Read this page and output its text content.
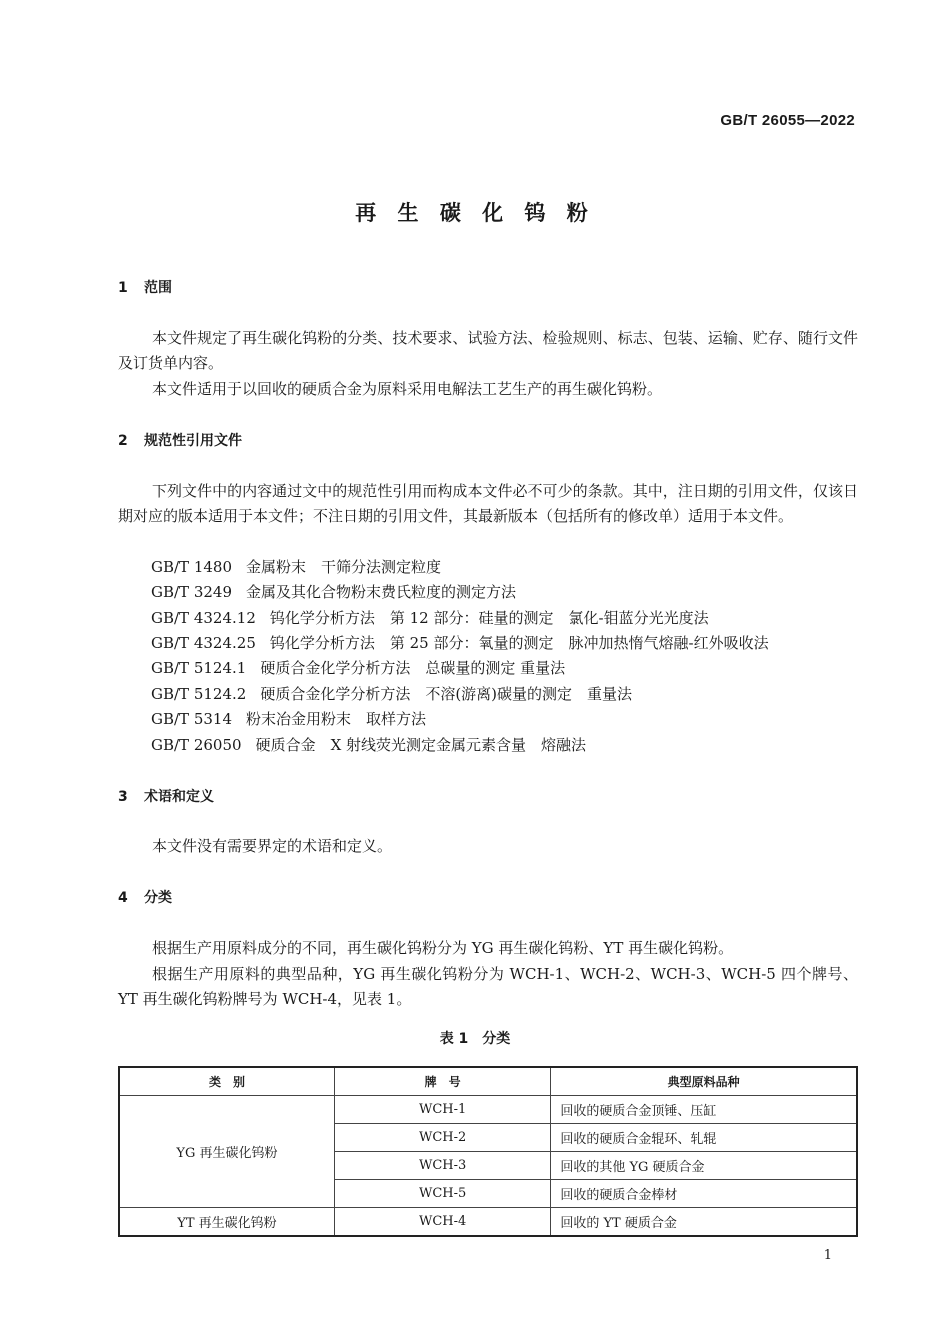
GB/T 26055—2022
再 生 碳 化 钨 粉
1 范围
本文件规定了再生碳化钨粉的分类、技术要求、试验方法、检验规则、标志、包装、运输、贮存、随行文件及订货单内容。
本文件适用于以回收的硬质合金为原料采用电解法工艺生产的再生碳化钨粉。
2 规范性引用文件
下列文件中的内容通过文中的规范性引用而构成本文件必不可少的条款。其中，注日期的引用文件，仅该日期对应的版本适用于本文件；不注日期的引用文件，其最新版本（包括所有的修改单）适用于本文件。
GB/T 1480 金属粉末　干筛分法测定粒度
GB/T 3249 金属及其化合物粉末费氏粒度的测定方法
GB/T 4324.12 钨化学分析方法　第 12 部分：硅量的测定　氯化-钼蓝分光光度法
GB/T 4324.25 钨化学分析方法　第 25 部分：氧量的测定　脉冲加热惰气熔融-红外吸收法
GB/T 5124.1 硬质合金化学分析方法　总碳量的测定 重量法
GB/T 5124.2 硬质合金化学分析方法　不溶(游离)碳量的测定　重量法
GB/T 5314 粉末冶金用粉末　取样方法
GB/T 26050 硬质合金　X 射线荧光测定金属元素含量　熔融法
3 术语和定义
本文件没有需要界定的术语和定义。
4 分类
根据生产用原料成分的不同，再生碳化钨粉分为 YG 再生碳化钨粉、YT 再生碳化钨粉。
根据生产用原料的典型品种，YG 再生碳化钨粉分为 WCH-1、WCH-2、WCH-3、WCH-5 四个牌号、YT 再生碳化钨粉牌号为 WCH-4，见表 1。
表 1　分类
类　别	牌　号	典型原料品种
YG 再生碳化钨粉	WCH-1	回收的硬质合金顶锤、压缸
	WCH-2	回收的硬质合金辊环、轧辊
	WCH-3	回收的其他 YG 硬质合金
	WCH-5	回收的硬质合金棒材
YT 再生碳化钨粉	WCH-4	回收的 YT 硬质合金
1
